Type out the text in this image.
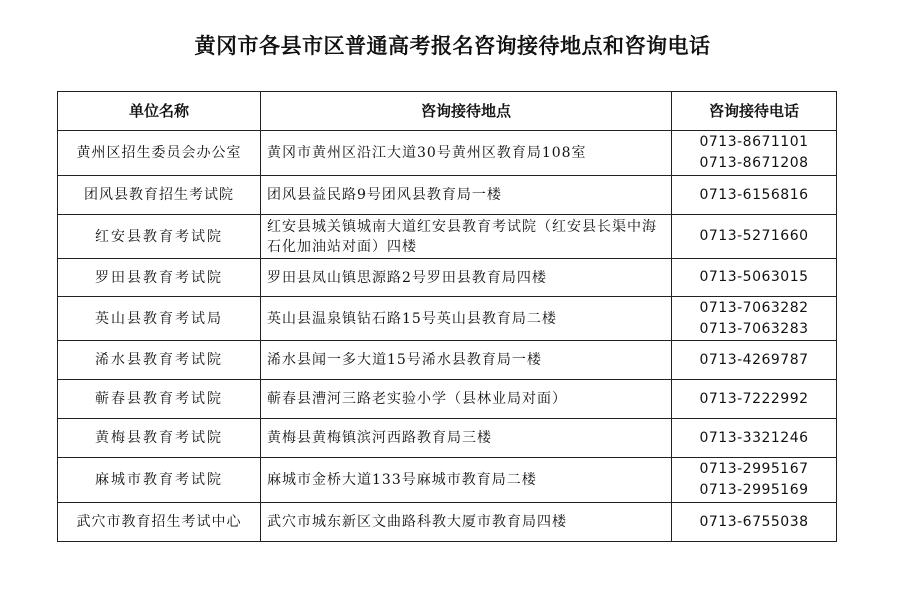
黄冈市各县市区普通高考报名咨询接待地点和咨询电话
单位名称	咨询接待地点	咨询接待电话
黄州区招生委员会办公室	黄冈市黄州区沿江大道30号黄州区教育局108室	0713-8671101
0713-8671208

团风县教育招生考试院	团风县益民路9号团风县教育局一楼	0713-6156816

红安县教育考试院	红安县城关镇城南大道红安县教育考试院（红安县长渠中海石化加油站对面）四楼	0713-5271660

罗田县教育考试院	罗田县凤山镇思源路2号罗田县教育局四楼	0713-5063015

英山县教育考试局	英山县温泉镇钻石路15号英山县教育局二楼	0713-7063282
0713-7063283

浠水县教育考试院	浠水县闻一多大道15号浠水县教育局一楼	0713-4269787

蕲春县教育考试院	蕲春县漕河三路老实验小学（县林业局对面）	0713-7222992

黄梅县教育考试院	黄梅县黄梅镇滨河西路教育局三楼	0713-3321246

麻城市教育考试院	麻城市金桥大道133号麻城市教育局二楼	0713-2995167
0713-2995169

武穴市教育招生考试中心	武穴市城东新区文曲路科教大厦市教育局四楼	0713-6755038
